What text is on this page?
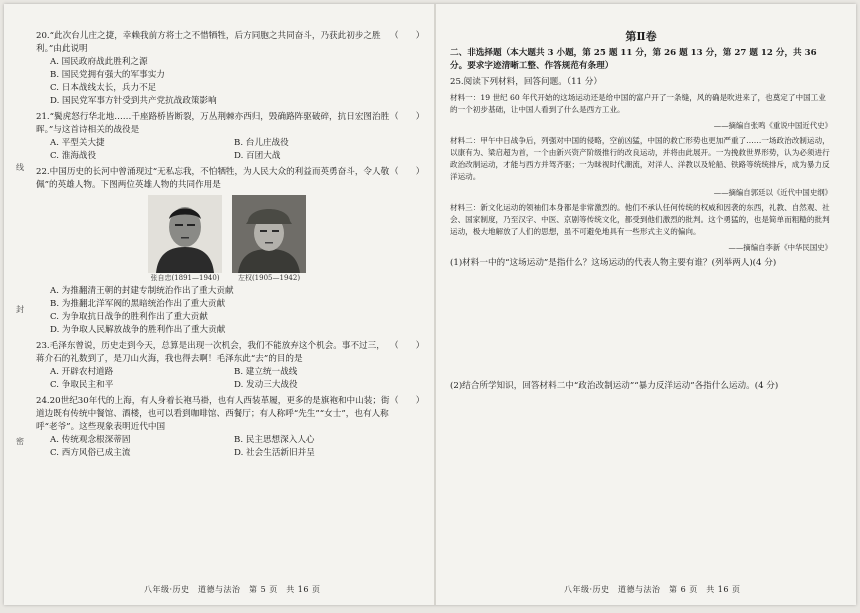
线
封
密
20.“此次台儿庄之捷，幸赖我前方将士之不惜牺牲，后方同胞之共同奋斗，乃获此初步之胜利。”由此说明
（　　）
A. 国民政府战此胜利之源
B. 国民党拥有强大的军事实力
C. 日本战线太长，兵力不足
D. 国民党军事方针受到共产党抗战政策影响
21.“鬓虎怒行华北地……千座路桥皆断裂，万丛荆棘亦西归，毁确路阵驱破碎，抗日宏图治胜晖。”与这首诗相关的战役是
（　　）
A. 平型关大捷	B. 台儿庄战役
C. 淮海战役	D. 百团大战
22.中国历史的长河中曾涌现过“无私忘我，不怕牺牲，为人民大众的利益而英勇奋斗，令人敬佩”的英雄人物。下图两位英雄人物的共同作用是
（　　）
张自忠(1891—1940)	左权(1905—1942)
A. 为推翻清王朝的封建专制统治作出了重大贡献
B. 为推翻北洋军阀的黑暗统治作出了重大贡献
C. 为争取抗日战争的胜利作出了重大贡献
D. 为争取人民解放战争的胜利作出了重大贡献
23.毛泽东曾说，历史走到今天，总算是出现一次机会，我们不能放弃这个机会。事不过三，蒋介石的礼数到了，是刀山火海，我也得去啊！毛泽东此“去”的目的是
（　　）
A. 开辟农村道路	B. 建立统一战线
C. 争取民主和平	D. 发动三大战役
24.20世纪30年代的上海，有人身着长袍马褂，也有人西装革履，更多的是旗袍和中山装；街道边既有传统中餐馆、酒楼，也可以看到咖啡馆、西餐厅；有人称呼“先生”“女士”，也有人称呼“老爷”。这些现象表明近代中国
（　　）
A. 传统观念根深蒂固	B. 民主思想深入人心
C. 西方风俗已成主流	D. 社会生活新旧并呈
八年级·历史　道德与法治　第 5 页　共 16 页
第Ⅱ卷
二、非选择题（本大题共 3 小题，第 25 题 11 分，第 26 题 13 分，第 27 题 12 分，共 36 分。要求字迹清晰工整、作答规范有条理）
25.阅读下列材料，回答问题。（11 分）
材料一：19 世纪 60 年代开始的这场运动还是给中国的富户开了一条缝，风的确是吹进来了，也奠定了中国工业的一个初步基础，让中国人看到了什么是西方工业。
——摘编自张鸣《重说中国近代史》
材料二：甲午中日战争后，列强对中国的侵略，空前凶猛，中国的救亡形势也更加严重了……一场政治改制运动，以康有为、梁启超为首，一个由新兴资产阶级推行的改良运动，并将由此展开。一为挽救世界形势，认为必须进行政治改制运动，才能与西方并驾齐驱；一为昧视时代潮流，对洋人、洋教以及轮船、铁路等统统排斥，成为暴力反洋运动。
——摘编自郭廷以《近代中国史纲》
材料三：新文化运动的领袖们本身都是非常激烈的。他们不承认任何传统的权威和因袭的东西，礼教、自然观、社会、国家制度，乃至汉字、中医、京剧等传统文化，都受到他们激烈的批判。这个勇猛的，也是简单而粗糙的批判运动，极大地解放了人们的思想，虽不可避免地具有一些形式主义的偏向。
——摘编自李新《中华民国史》
(1)材料一中的“这场运动”是指什么？这场运动的代表人物主要有谁？(列举两人)(4 分)
(2)结合所学知识，回答材料二中“政治改制运动”“暴力反洋运动”各指什么运动。(4 分)
八年级·历史　道德与法治　第 6 页　共 16 页
